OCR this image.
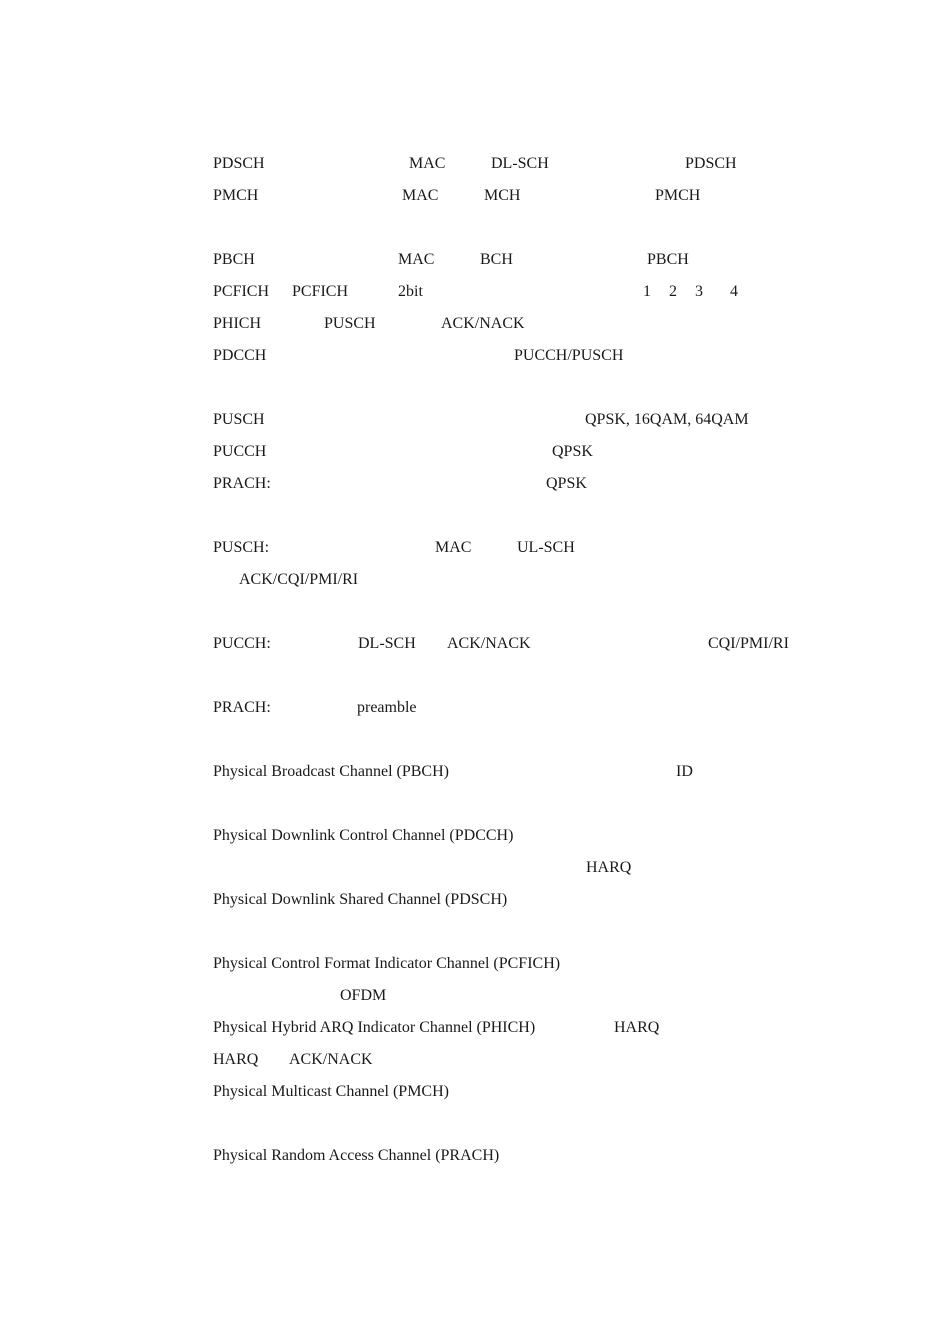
PDSCH	MAC	DL-SCH	PDSCH
PMCH	MAC	MCH	PMCH
PBCH	MAC	BCH	PBCH
PCFICH PCFICH	2bit	1 2 3 4
PHICH	PUSCH	ACK/NACK
PDCCH	PUCCH/PUSCH
PUSCH	QPSK, 16QAM, 64QAM
PUCCH	QPSK
PRACH:	QPSK
PUSCH:	MAC	UL-SCH
ACK/CQI/PMI/RI
PUCCH:	DL-SCH ACK/NACK	CQI/PMI/RI
PRACH:	preamble
Physical Broadcast Channel (PBCH)	ID
Physical Downlink Control Channel (PDCCH)
HARQ
Physical Downlink Shared Channel (PDSCH)
Physical Control Format Indicator Channel (PCFICH)
OFDM
Physical Hybrid ARQ Indicator Channel (PHICH)	HARQ
HARQ ACK/NACK
Physical Multicast Channel (PMCH)
Physical Random Access Channel (PRACH)
